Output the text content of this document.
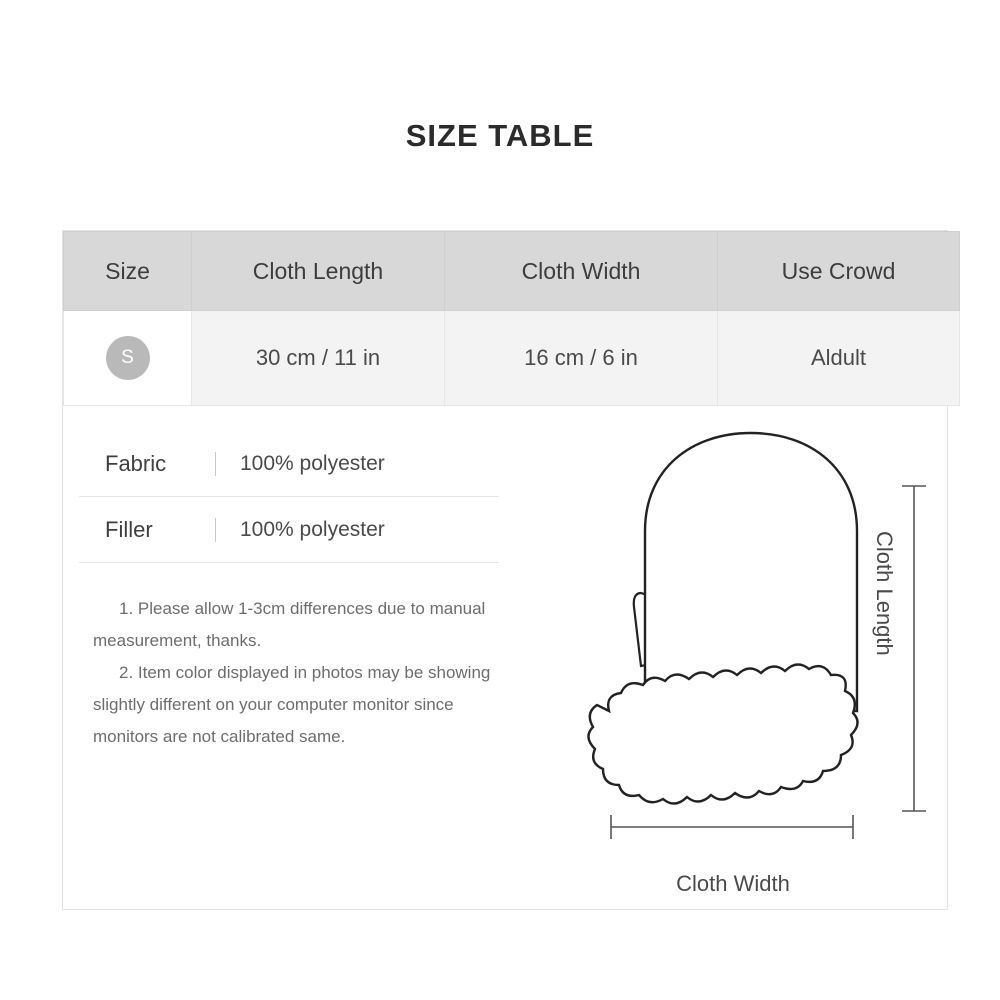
SIZE TABLE
Size	Cloth Length	Cloth Width	Use Crowd
S	30 cm / 11 in	16 cm / 6 in	Aldult
Fabric	100% polyester
Filler	100% polyester

1. Please allow 1-3cm differences due to manual measurement, thanks.

2. Item color displayed in photos may be showing slightly different on your computer monitor since monitors are not calibrated same.

Cloth Width
Cloth Length
